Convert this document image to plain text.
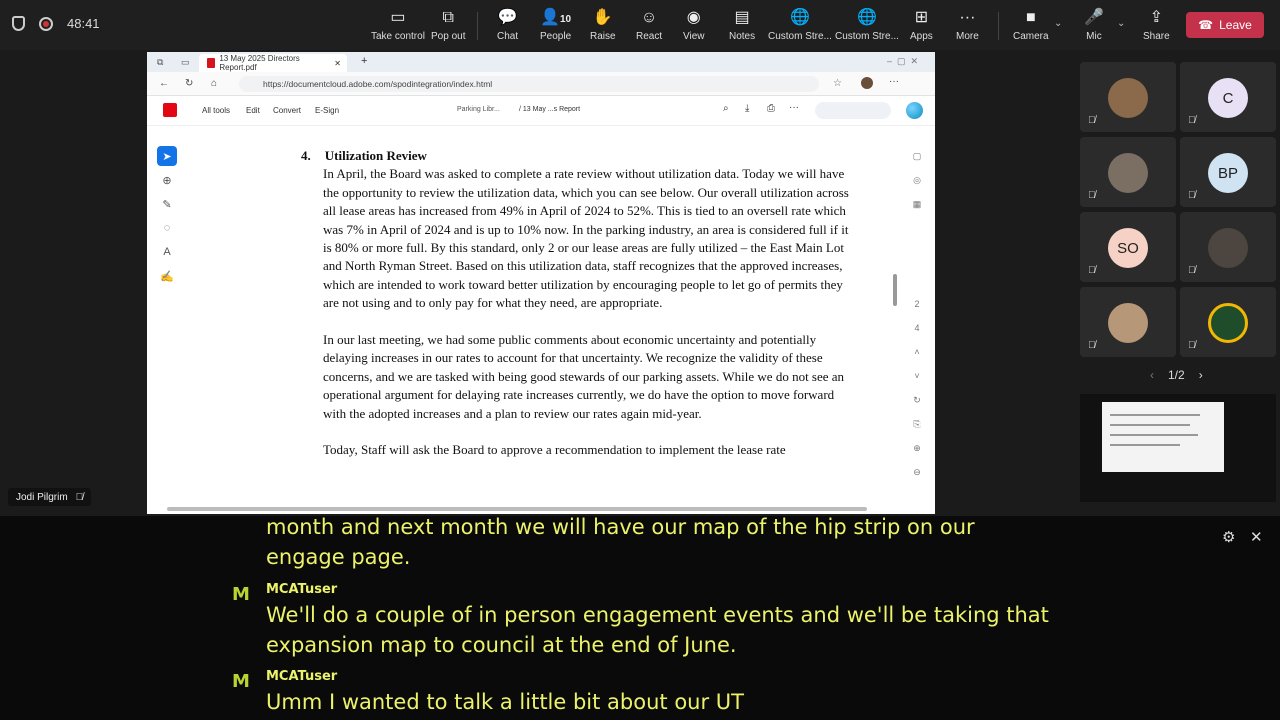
48:41	▭
Take control
⧉
Pop out
💬
Chat
👤10
People
✋
Raise
☺
React
◉
View
▤
Notes
🌐
Custom Stre...
🌐
Custom Stre...
⊞
Apps
···
More
■
Camera
⌄ 🎤
Mic
⌄ ⇪
Share
☎ Leave
⧉ ▭	13 May 2025 Directors Report.pdf	✕ +	–  ▢  ✕
← ↻ ⌂	https://documentcloud.adobe.com/spodintegration/index.html	☆	···
All tools Edit Convert E-Sign	Parking Libr...	/ 13 May ...s Report	⌕ ⤓ ⎙ ···
➤
⊕
✎
◌
A
✍
4. Utilization Review
In April, the Board was asked to complete a rate review without utilization data. Today we will have the opportunity to review the utilization data, which you can see below. Our overall utilization across all lease areas has increased from 49% in April of 2024 to 52%. This is tied to an oversell rate which was 7% in April of 2024 and is up to 10% now. In the parking industry, an area is considered full if it is 80% or more full. By this standard, only 2 or our lease areas are fully utilized – the East Main Lot and North Ryman Street. Based on this utilization data, staff recognizes that the approved increases, which are intended to work toward better utilization by encouraging people to let go of permits they are not using and to only pay for what they need, are appropriate.
In our last meeting, we had some public comments about economic uncertainty and potentially delaying increases in our rates to account for that uncertainty. We recognize the validity of these concerns, and we are tasked with being good stewards of our parking assets. While we do not see an operational argument for delaying rate increases currently, we do have the option to move forward with the adopted increases and a plan to review our rates again mid-year.
Today, Staff will ask the Board to approve a recommendation to implement the lease rate
▢
◎
▦
2
4
˄
˅
↻
⎘
⊕
⊖
🎙̸
C
🎙̸
🎙̸
BP
🎙̸
SO
🎙̸	🎙̸
🎙̸	🎙̸
‹ 1/2 ›
Jodi Pilgrim 🎙̸
⚙ ✕
month and next month we will have our map of the hip strip on our engage page.
M	MCATuser
We'll do a couple of in person engagement events and we'll be taking that expansion map to council at the end of June.
M	MCATuser
Umm I wanted to talk a little bit about our UT
